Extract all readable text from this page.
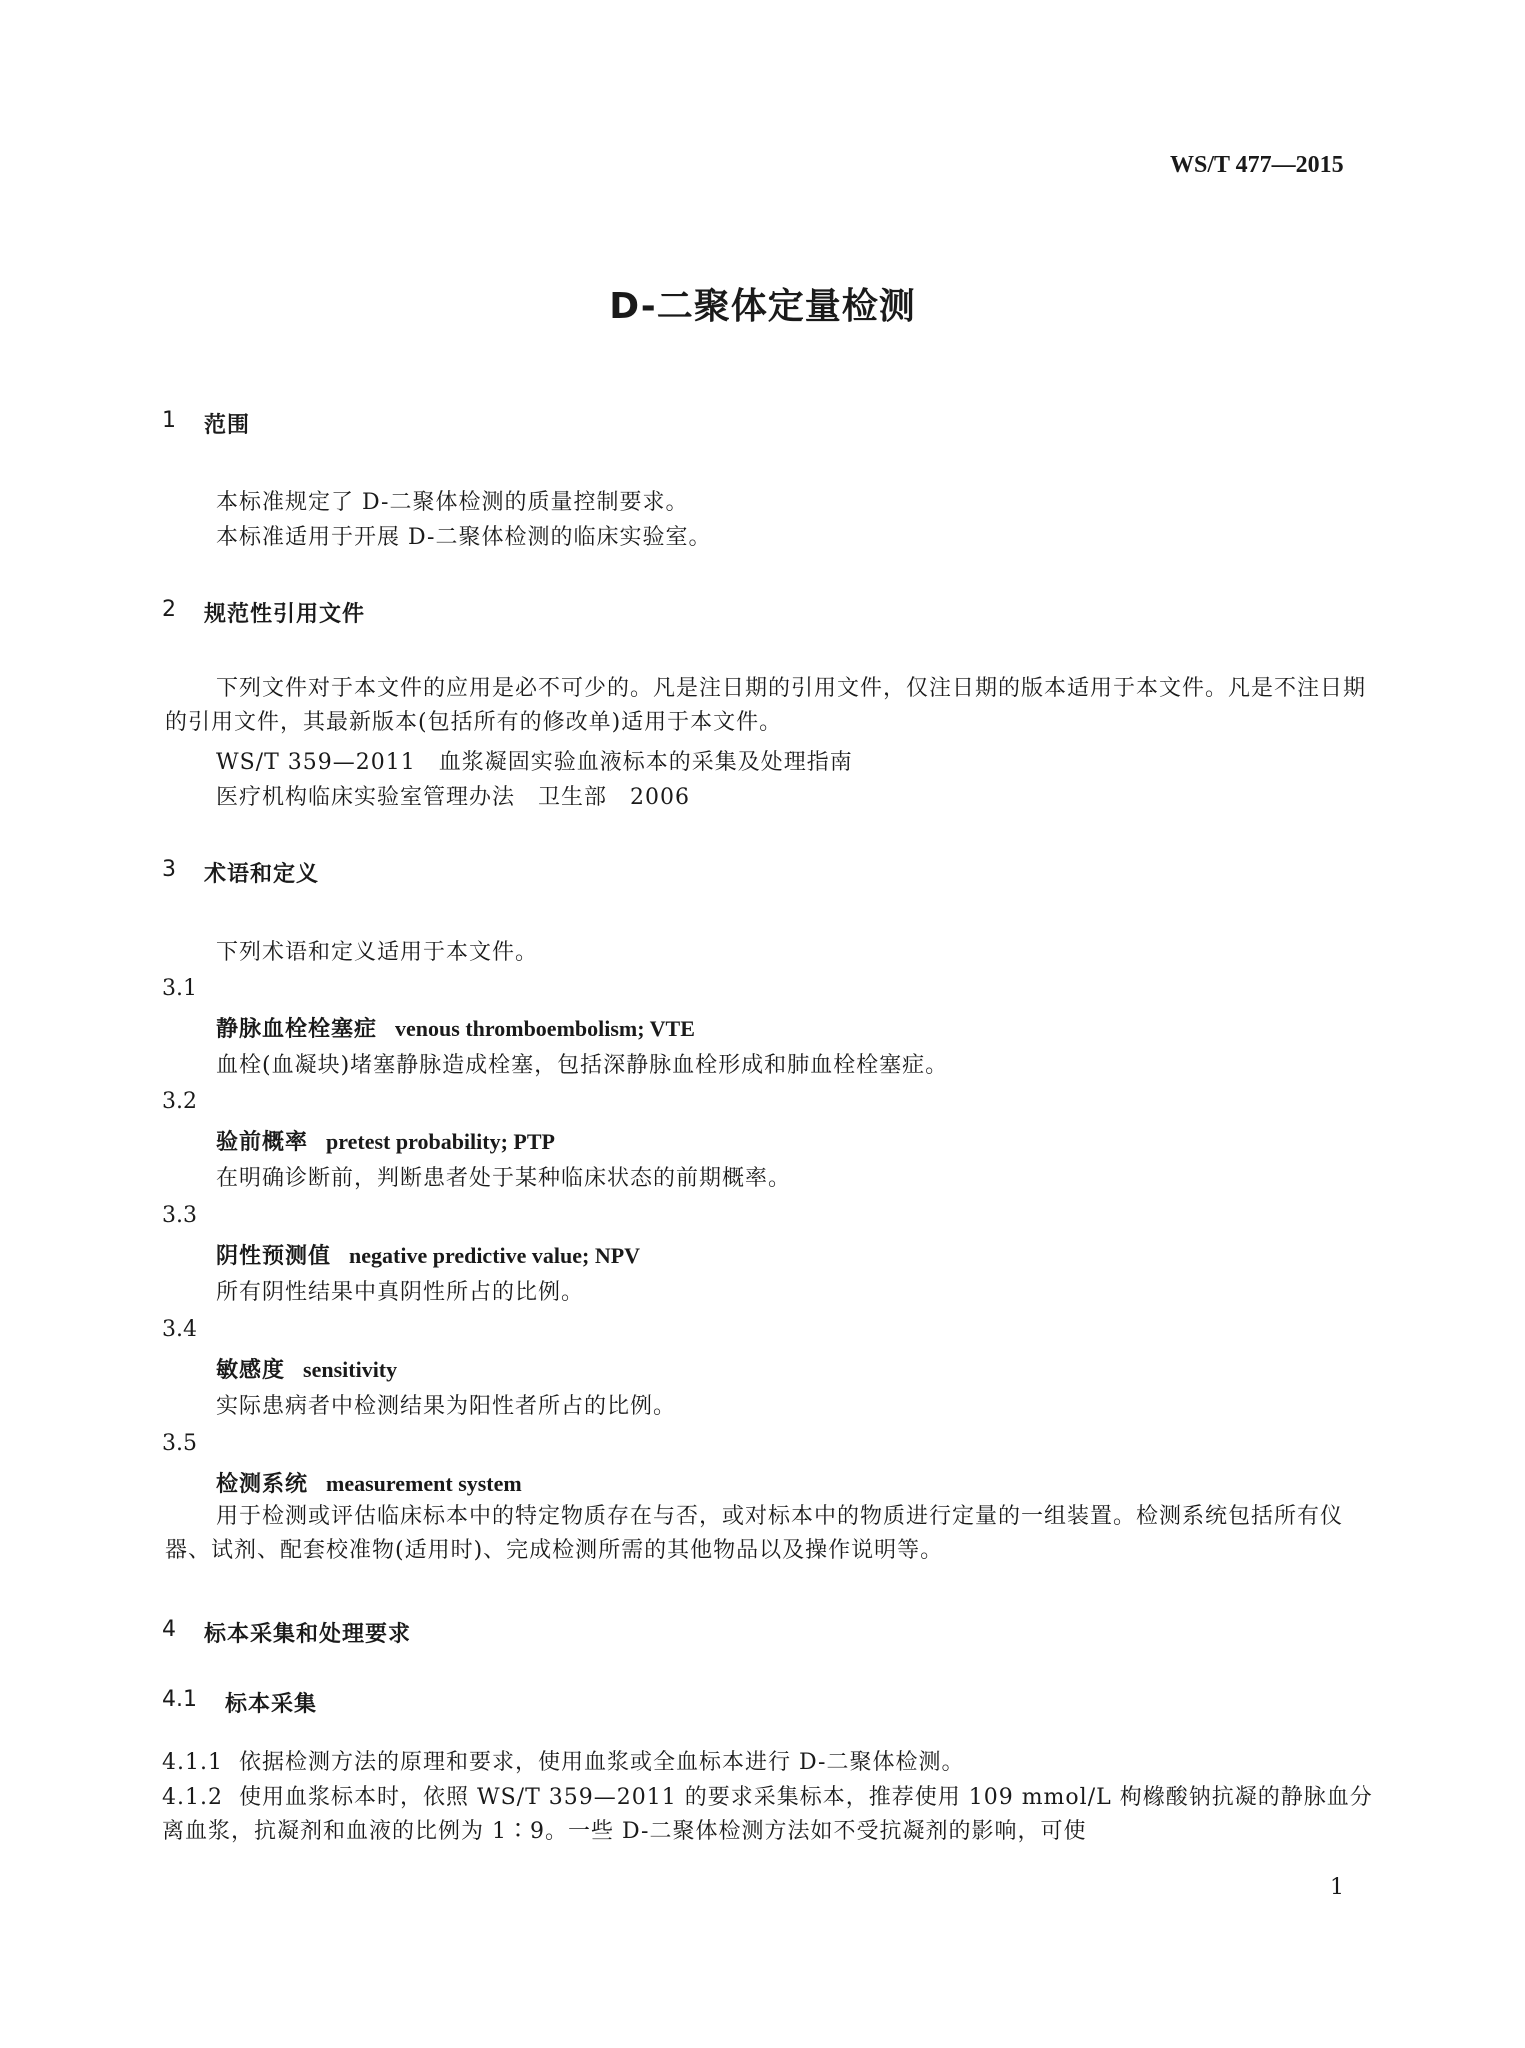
WS/T 477—2015
D-二聚体定量检测
1 范围
本标准规定了 D-二聚体检测的质量控制要求。
本标准适用于开展 D-二聚体检测的临床实验室。
2 规范性引用文件
下列文件对于本文件的应用是必不可少的。凡是注日期的引用文件，仅注日期的版本适用于本文件。凡是不注日期的引用文件，其最新版本(包括所有的修改单)适用于本文件。
WS/T 359—2011　血浆凝固实验血液标本的采集及处理指南
医疗机构临床实验室管理办法　卫生部　2006
3 术语和定义
下列术语和定义适用于本文件。
3.1
静脉血栓栓塞症 venous thromboembolism; VTE
血栓(血凝块)堵塞静脉造成栓塞，包括深静脉血栓形成和肺血栓栓塞症。
3.2
验前概率 pretest probability; PTP
在明确诊断前，判断患者处于某种临床状态的前期概率。
3.3
阴性预测值 negative predictive value; NPV
所有阴性结果中真阴性所占的比例。
3.4
敏感度 sensitivity
实际患病者中检测结果为阳性者所占的比例。
3.5
检测系统 measurement system
用于检测或评估临床标本中的特定物质存在与否，或对标本中的物质进行定量的一组装置。检测系统包括所有仪器、试剂、配套校准物(适用时)、完成检测所需的其他物品以及操作说明等。
4 标本采集和处理要求
4.1 标本采集
4.1.1 依据检测方法的原理和要求，使用血浆或全血标本进行 D-二聚体检测。
4.1.2 使用血浆标本时，依照 WS/T 359—2011 的要求采集标本，推荐使用 109 mmol/L 枸橼酸钠抗凝的静脉血分离血浆，抗凝剂和血液的比例为 1∶9。一些 D-二聚体检测方法如不受抗凝剂的影响，可使
1
